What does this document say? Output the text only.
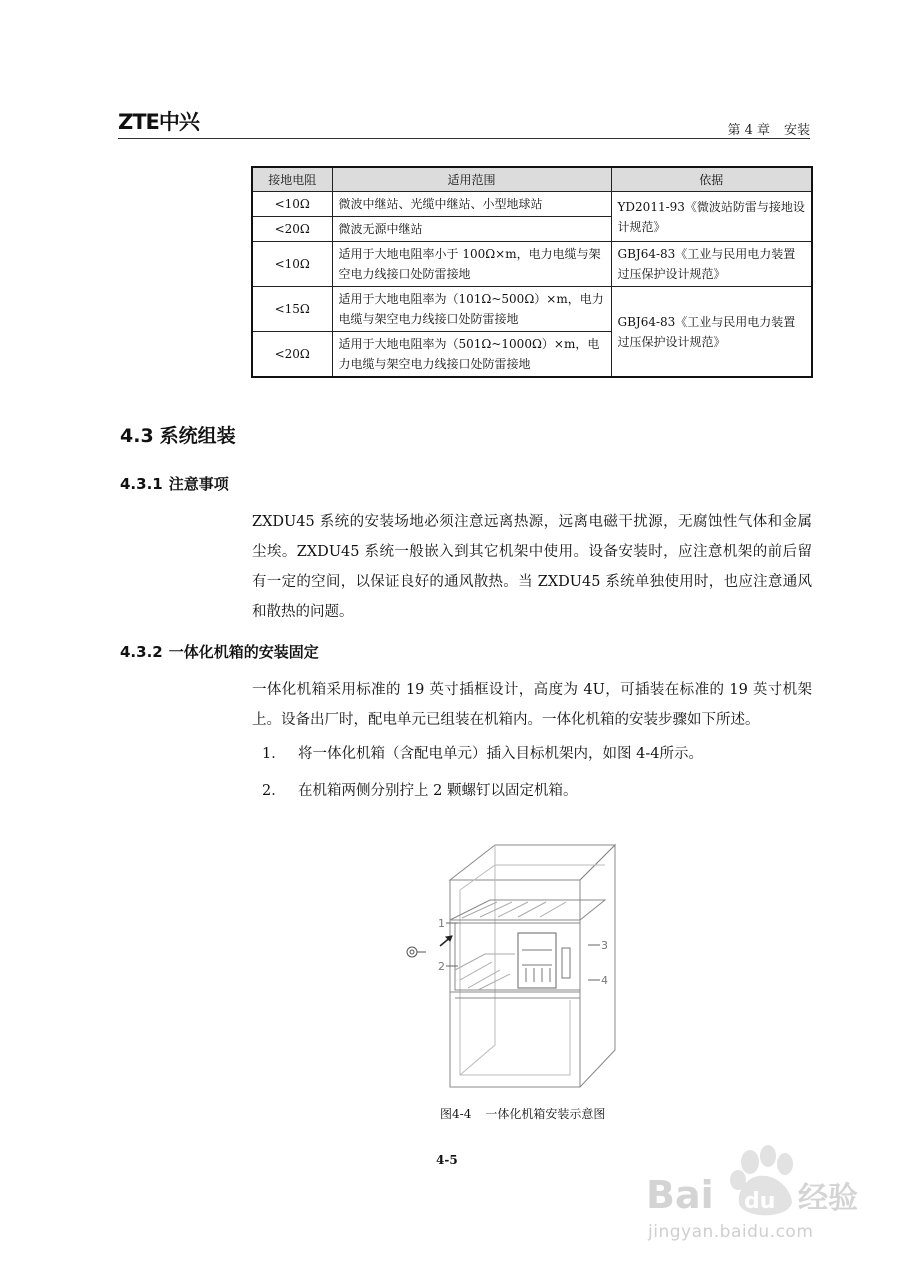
ZTE中兴	第 4 章 安装
接地电阻	适用范围	依据
<10Ω	微波中继站、光缆中继站、小型地球站	YD2011-93《微波站防雷与接地设计规范》
<20Ω	微波无源中继站	
<10Ω	适用于大地电阻率小于 100Ω×m，电力电缆与架空电力线接口处防雷接地	GBJ64-83《工业与民用电力装置过压保护设计规范》
<15Ω	适用于大地电阻率为（101Ω~500Ω）×m，电力电缆与架空电力线接口处防雷接地	GBJ64-83《工业与民用电力装置过压保护设计规范》
<20Ω	适用于大地电阻率为（501Ω~1000Ω）×m，电力电缆与架空电力线接口处防雷接地	
4.3 系统组装
4.3.1 注意事项
ZXDU45 系统的安装场地必须注意远离热源，远离电磁干扰源，无腐蚀性气体和金属尘埃。ZXDU45 系统一般嵌入到其它机架中使用。设备安装时，应注意机架的前后留有一定的空间，以保证良好的通风散热。当 ZXDU45 系统单独使用时，也应注意通风和散热的问题。
4.3.2 一体化机箱的安装固定
一体化机箱采用标准的 19 英寸插框设计，高度为 4U，可插装在标准的 19 英寸机架上。设备出厂时，配电单元已组装在机箱内。一体化机箱的安装步骤如下所述。
1． 将一体化机箱（含配电单元）插入目标机架内，如图 4-4所示。
2． 在机箱两侧分别拧上 2 颗螺钉以固定机箱。
1
2
3
4
图4-4 一体化机箱安装示意图
4-5
Bai du 经验
jingyan.baidu.com
